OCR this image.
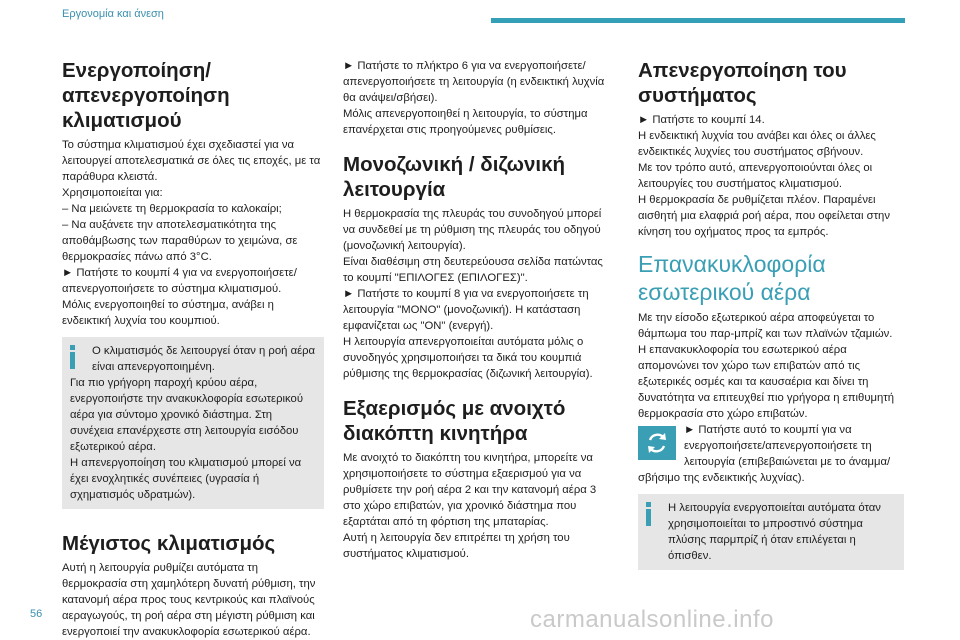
Εργονομία και άνεση
Ενεργοποίηση/ απενεργοποίηση κλιματισμού

Το σύστημα κλιματισμού έχει σχεδιαστεί για να λειτουργεί αποτελεσματικά σε όλες τις εποχές, με τα παράθυρα κλειστά.

Χρησιμοποιείται για:

– Να μειώνετε τη θερμοκρασία το καλοκαίρι;

– Να αυξάνετε την αποτελεσματικότητα της αποθάμβωσης των παραθύρων το χειμώνα, σε θερμοκρασίες πάνω από 3°C.

► Πατήστε το κουμπί 4 για να ενεργοποιήσετε/απενεργοποιήσετε το σύστημα κλιματισμού.

Μόλις ενεργοποιηθεί το σύστημα, ανάβει η ενδεικτική λυχνία του κουμπιού.

Ο κλιματισμός δε λειτουργεί όταν η ροή αέρα είναι απενεργοποιημένη.

Για πιο γρήγορη παροχή κρύου αέρα, ενεργοποιήστε την ανακυκλοφορία εσωτερικού αέρα για σύντομο χρονικό διάστημα. Στη συνέχεια επανέρχεστε στη λειτουργία εισόδου εξωτερικού αέρα.

Η απενεργοποίηση του κλιματισμού μπορεί να έχει ενοχλητικές συνέπειες (υγρασία ή σχηματισμός υδρατμών).

Μέγιστος κλιματισμός

Αυτή η λειτουργία ρυθμίζει αυτόματα τη θερμοκρασία στη χαμηλότερη δυνατή ρύθμιση, την κατανομή αέρα προς τους κεντρικούς και πλαϊνούς αεραγωγούς, τη ροή αέρα στη μέγιστη ρύθμιση και ενεργοποιεί την ανακυκλοφορία εσωτερικού αέρα.

► Πατήστε το πλήκτρο 6 για να ενεργοποιήσετε/απενεργοποιήσετε τη λειτουργία (η ενδεικτική λυχνία θα ανάψει/σβήσει).

Μόλις απενεργοποιηθεί η λειτουργία, το σύστημα επανέρχεται στις προηγούμενες ρυθμίσεις.

Μονοζωνική / διζωνική λειτουργία

Η θερμοκρασία της πλευράς του συνοδηγού μπορεί να συνδεθεί με τη ρύθμιση της πλευράς του οδηγού (μονοζωνική λειτουργία).

Είναι διαθέσιμη στη δευτερεύουσα σελίδα πατώντας το κουμπί "ΕΠΙΛΟΓΕΣ (ΕΠΙΛΟΓΕΣ)".

► Πατήστε το κουμπί 8 για να ενεργοποιήσετε τη λειτουργία "MONO" (μονοζωνική). Η κατάσταση εμφανίζεται ως "ON" (ενεργή).

Η λειτουργία απενεργοποιείται αυτόματα μόλις ο συνοδηγός χρησιμοποιήσει τα δικά του κουμπιά ρύθμισης της θερμοκρασίας (διζωνική λειτουργία).

Εξαερισμός με ανοιχτό διακόπτη κινητήρα

Με ανοιχτό το διακόπτη του κινητήρα, μπορείτε να χρησιμοποιήσετε το σύστημα εξαερισμού για να ρυθμίσετε την ροή αέρα 2 και την κατανομή αέρα 3 στο χώρο επιβατών, για χρονικό διάστημα που εξαρτάται από τη φόρτιση της μπαταρίας.

Αυτή η λειτουργία δεν επιτρέπει τη χρήση του συστήματος κλιματισμού.

Απενεργοποίηση του συστήματος

► Πατήστε το κουμπί 14.

Η ενδεικτική λυχνία του ανάβει και όλες οι άλλες ενδεικτικές λυχνίες του συστήματος σβήνουν.

Με τον τρόπο αυτό, απενεργοποιούνται όλες οι λειτουργίες του συστήματος κλιματισμού.

Η θερμοκρασία δε ρυθμίζεται πλέον. Παραμένει αισθητή μια ελαφριά ροή αέρα, που οφείλεται στην κίνηση του οχήματος προς τα εμπρός.

Επανακυκλοφορία εσωτερικού αέρα

Με την είσοδο εξωτερικού αέρα αποφεύγεται το θάμπωμα του παρ-μπρίζ και των πλαϊνών τζαμιών.

Η επανακυκλοφορία του εσωτερικού αέρα απομονώνει τον χώρο των επιβατών από τις εξωτερικές οσμές και τα καυσαέρια και δίνει τη δυνατότητα να επιτευχθεί πιο γρήγορα η επιθυμητή θερμοκρασία στο χώρο επιβατών.

► Πατήστε αυτό το κουμπί για να ενεργοποιήσετε/απενεργοποιήσετε τη λειτουργία (επιβεβαιώνεται με το άναμμα/σβήσιμο της ενδεικτικής λυχνίας).

Η λειτουργία ενεργοποιείται αυτόματα όταν χρησιμοποιείται το μπροστινό σύστημα πλύσης παρμπρίζ ή όταν επιλέγεται η όπισθεν.

56	carmanualsonline.info
